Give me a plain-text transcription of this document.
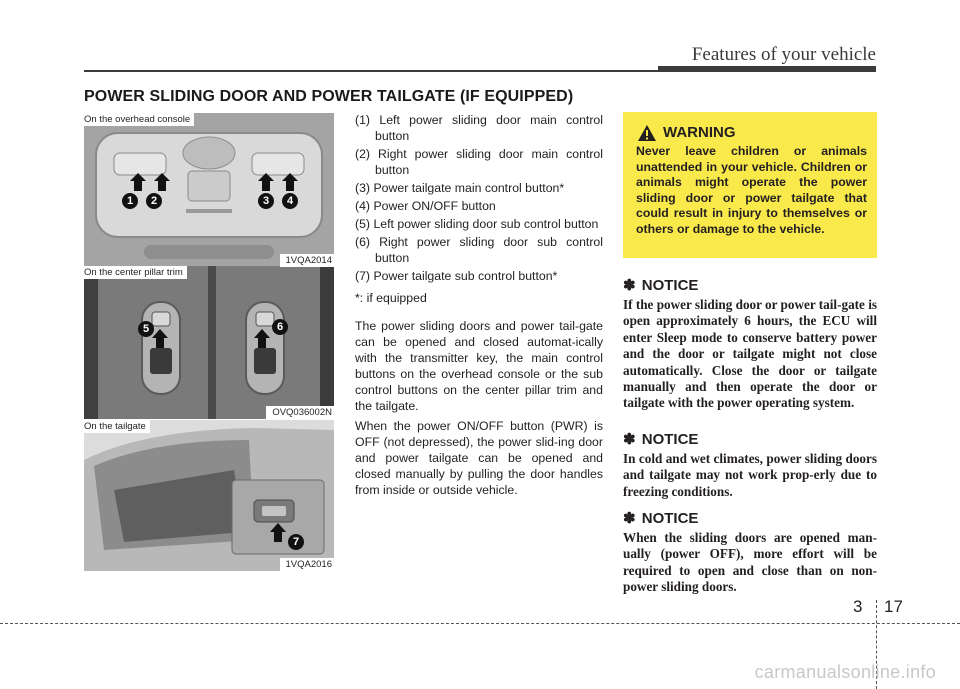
Features of your vehicle
POWER SLIDING DOOR AND POWER TAILGATE (IF EQUIPPED)
On the overhead console
1	2	3	4
1VQA2014
On the center pillar trim
5	6
OVQ036002N
On the tailgate
7
1VQA2016
(1) Left power sliding door main control button
(2) Right power sliding door main control button
(3) Power tailgate main control button*
(4) Power ON/OFF button
(5) Left power sliding door sub control button
(6) Right power sliding door sub control button
(7) Power tailgate sub control button*

*: if equipped

The power sliding doors and power tail-gate can be opened and closed automat-ically with the transmitter key, the main control buttons on the overhead console or the sub control buttons on the center pillar trim and the tailgate.

When the power ON/OFF button (PWR) is OFF (not depressed), the power slid-ing door and power tailgate can be opened and closed manually by pulling the door handles from inside or outside vehicle.

WARNING
Never leave children or animals unattended in your vehicle. Children or animals might operate the power sliding door or power tailgate that could result in injury to themselves or others or damage to the vehicle.
✽ NOTICE

If the power sliding door or power tail-gate is open approximately 6 hours, the ECU will enter Sleep mode to conserve battery power and the door or tailgate might not close automatically. Close the door or tailgate manually and then operate the door or tailgate with the power operating system.

✽ NOTICE

In cold and wet climates, power sliding doors and tailgate may not work prop-erly due to freezing conditions.

✽ NOTICE

When the sliding doors are opened man-ually (power OFF), more effort will be required to open and close than on non-power sliding doors.

3 17
carmanualsonline.info
